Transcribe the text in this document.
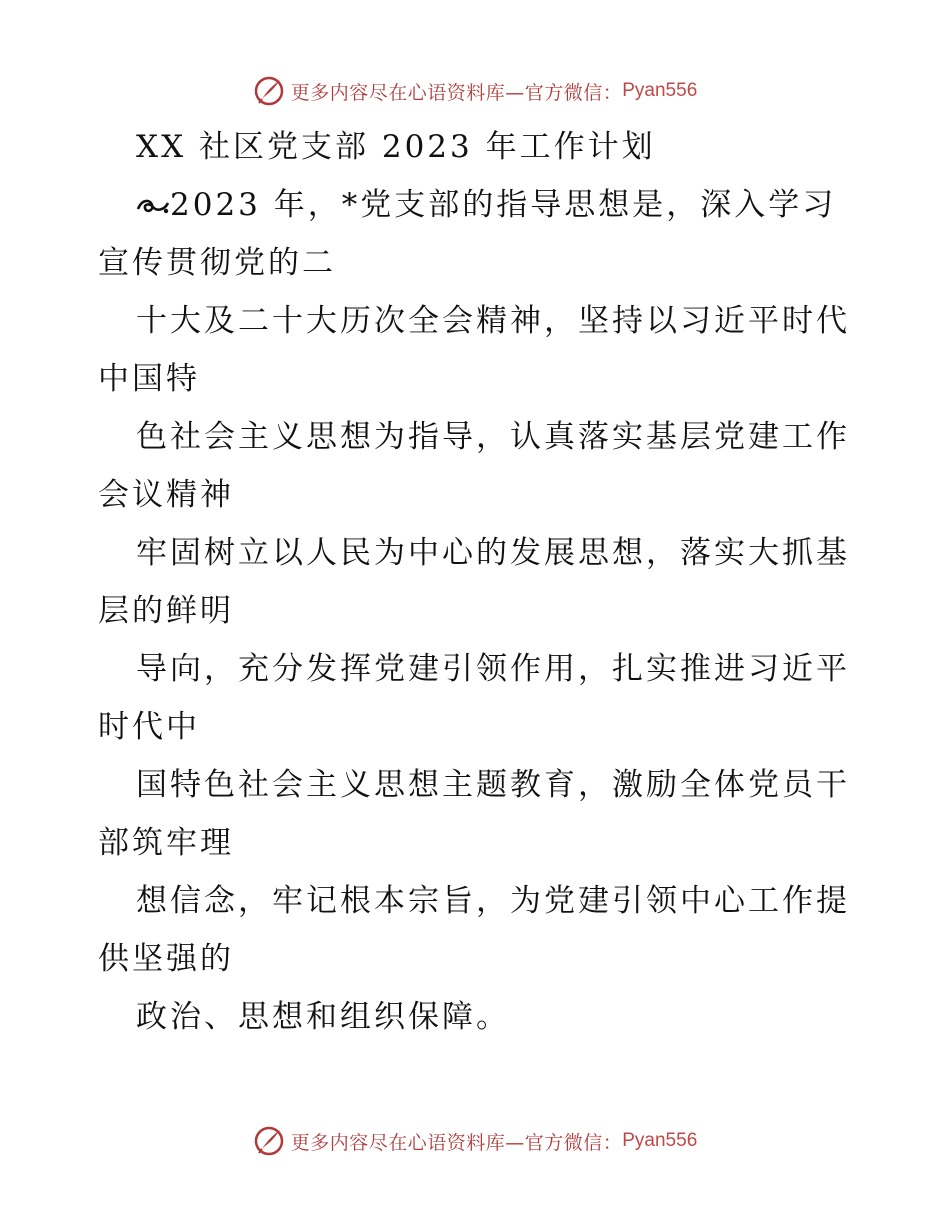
更多内容尽在心语资料库—官方微信： Pyan556
XX 社区党支部 2023 年工作计划
2023 年，*党支部的指导思想是，深入学习
宣传贯彻党的二
十大及二十大历次全会精神，坚持以习近平时代
中国特
色社会主义思想为指导，认真落实基层党建工作
会议精神
牢固树立以人民为中心的发展思想，落实大抓基
层的鲜明
导向，充分发挥党建引领作用，扎实推进习近平
时代中
国特色社会主义思想主题教育，激励全体党员干
部筑牢理
想信念，牢记根本宗旨，为党建引领中心工作提
供坚强的
政治、思想和组织保障。
更多内容尽在心语资料库—官方微信： Pyan556
